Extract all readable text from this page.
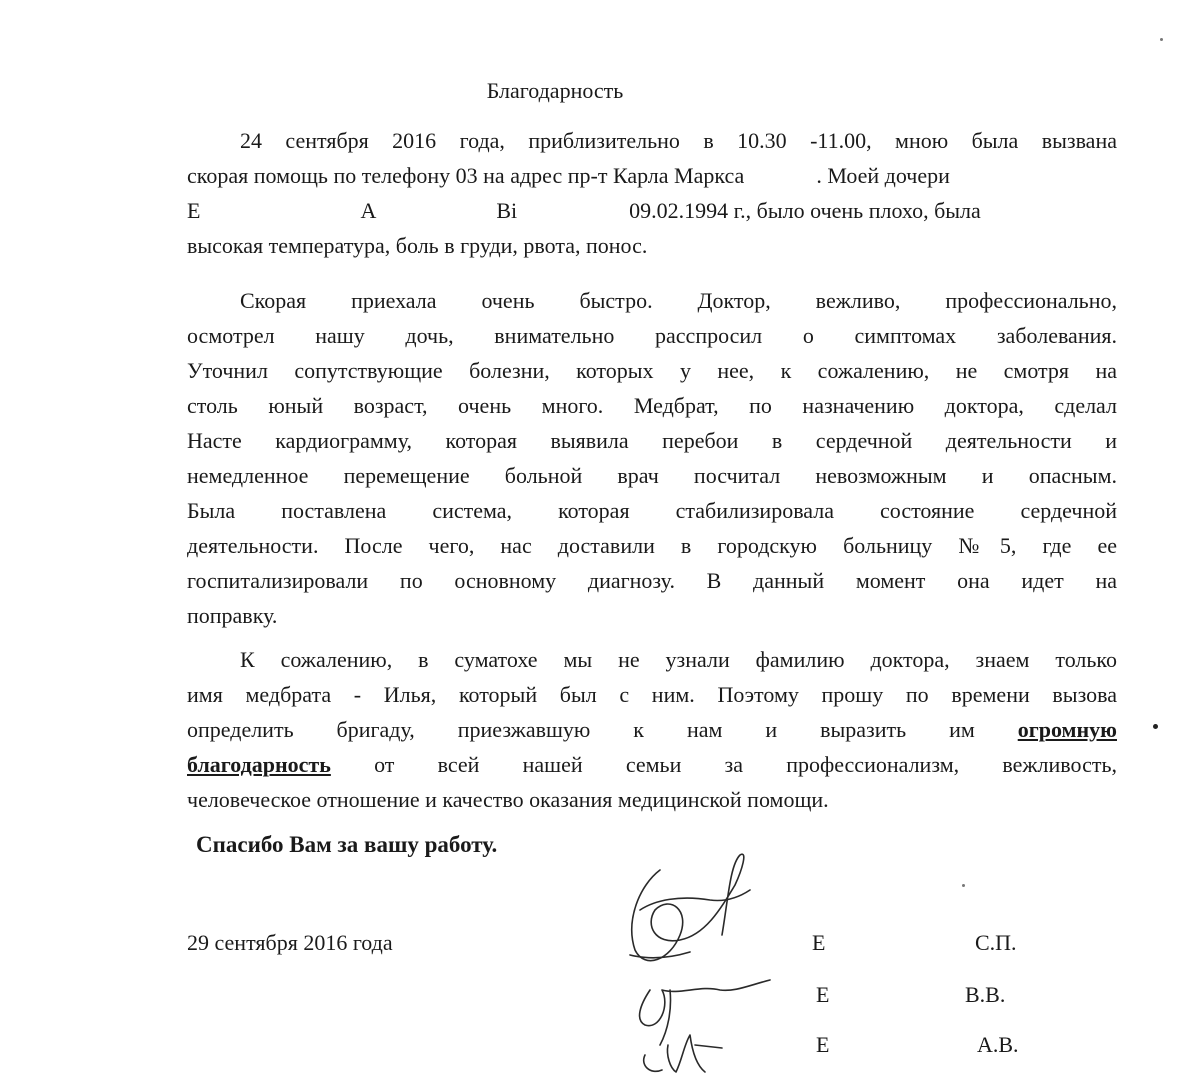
Благодарность
24 сентября 2016 года, приблизительно в 10.30 -11.00, мною была вызвана
скорая помощь по телефону 03 на адрес пр-т Карла Маркса	. Моей дочери
Е	А	Ві	09.02.1994 г., было очень плохо, была
высокая температура, боль в груди, рвота, понос.
Скорая приехала очень быстро. Доктор, вежливо, профессионально,
осмотрел нашу дочь, внимательно расспросил о симптомах заболевания.
Уточнил сопутствующие болезни, которых у нее, к сожалению, не смотря на
столь юный возраст, очень много. Медбрат, по назначению доктора, сделал
Насте кардиограмму, которая выявила перебои в сердечной деятельности и
немедленное перемещение больной врач посчитал невозможным и опасным.
Была поставлена система, которая стабилизировала состояние сердечной
деятельности. После чего, нас доставили в городскую больницу №5, где ее
госпитализировали по основному диагнозу. В данный момент она идет на
поправку.
К сожалению, в суматохе мы не узнали фамилию доктора, знаем только
имя медбрата - Илья, который был с ним. Поэтому прошу по времени вызова
определить бригаду, приезжавшую к нам и выразить им огромную
благодарность от всей нашей семьи за профессионализм, вежливость,
человеческое отношение и качество оказания медицинской помощи.
Спасибо Вам за вашу работу.
29 сентября 2016 года	Е	С.П.
Е	В.В.
Е	А.В.
